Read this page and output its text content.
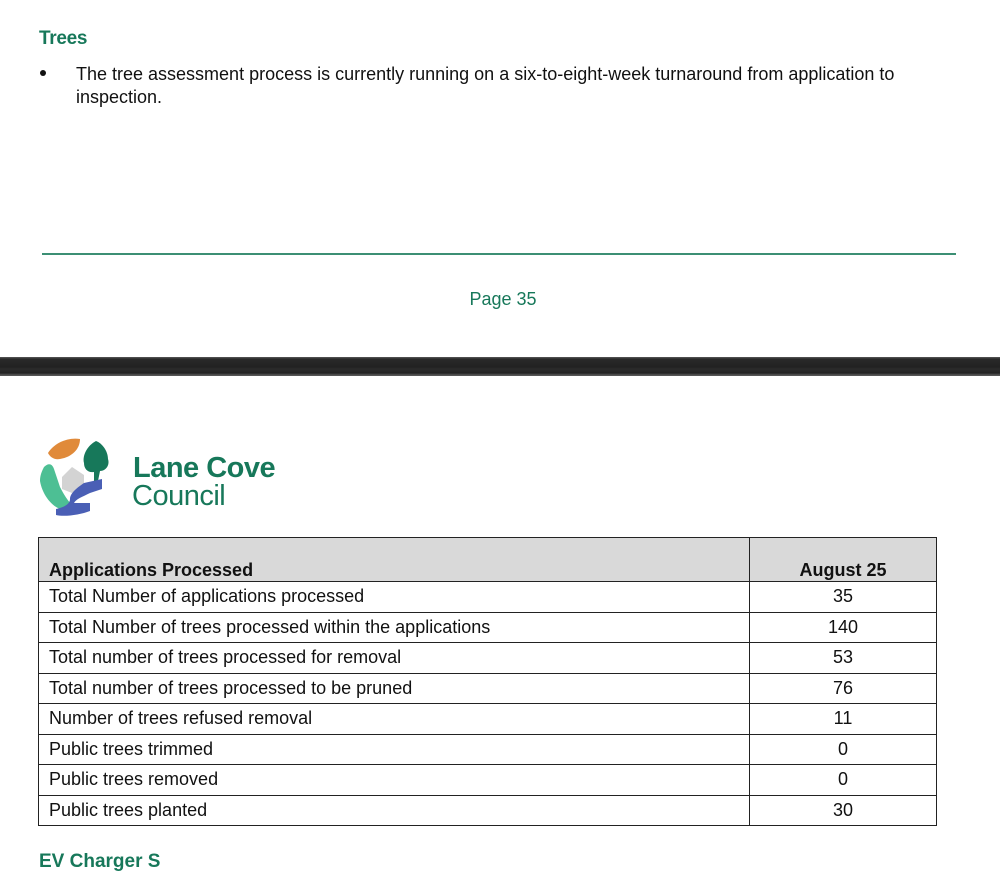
Trees
The tree assessment process is currently running on a six-to-eight-week turnaround from application to inspection.
Page 35
Lane Cove
Council
Applications Processed	August 25
Total Number of applications processed	35
Total Number of trees processed within the applications	140
Total number of trees processed for removal	53
Total number of trees processed to be pruned	76
Number of trees refused removal	11
Public trees trimmed	0
Public trees removed	0
Public trees planted	30
EV Charger S
